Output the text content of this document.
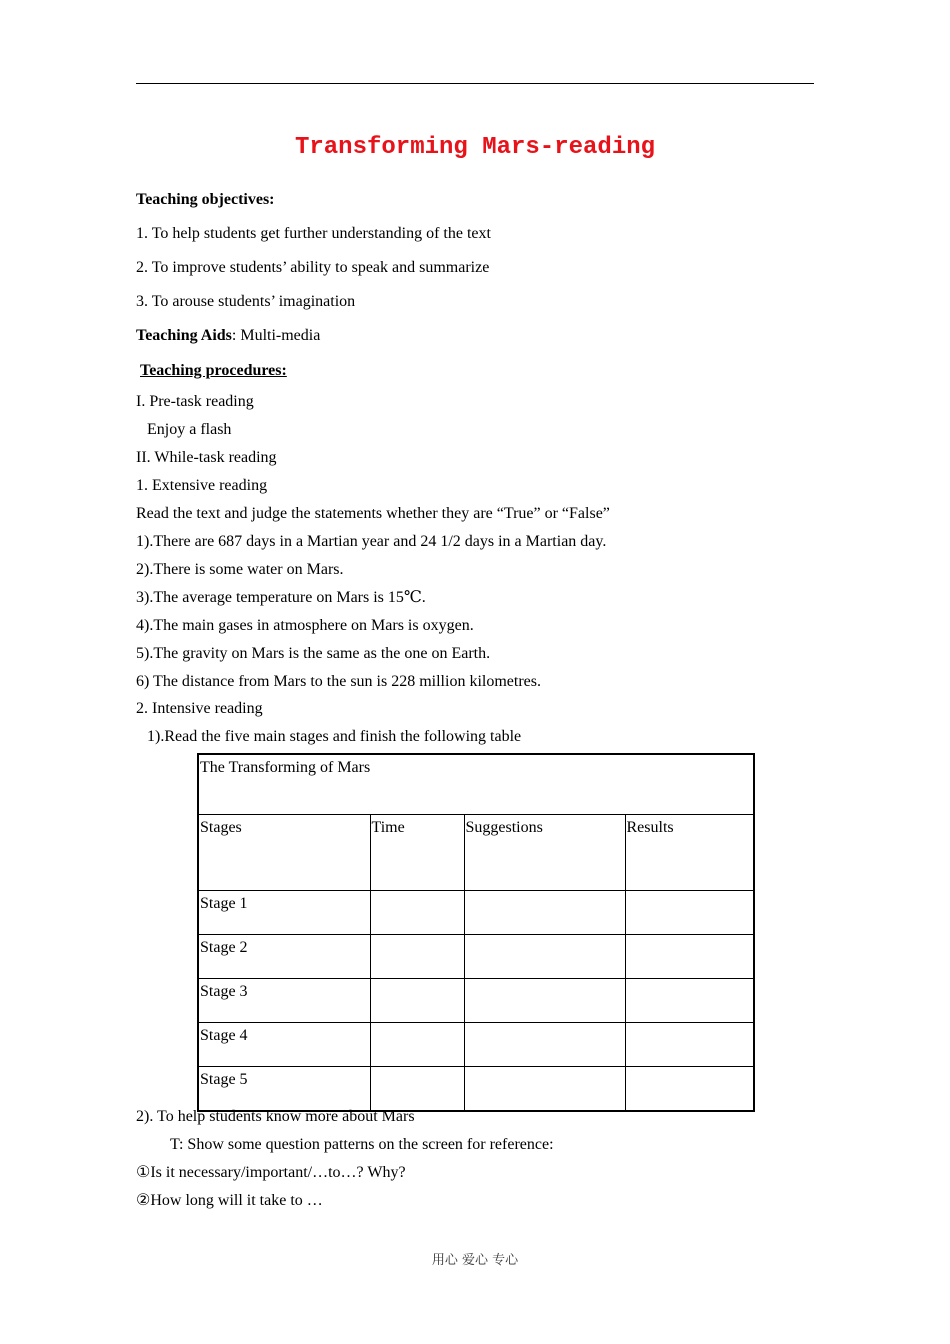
Transforming Mars-reading
Teaching objectives:
1. To help students get further understanding of the text
2. To improve students’ ability to speak and summarize
3. To arouse students’ imagination
Teaching Aids: Multi-media
Teaching procedures:
I. Pre-task reading
Enjoy a flash
II. While-task reading
1. Extensive reading
Read the text and judge the statements whether they are “True” or “False”
1).There are 687 days in a Martian year and 24 1/2 days in a Martian day.
2).There is some water on Mars.
3).The average temperature on Mars is 15℃.
4).The main gases in atmosphere on Mars is oxygen.
5).The gravity on Mars is the same as the one on Earth.
6) The distance from Mars to the sun is 228 million kilometres.
2. Intensive reading
1).Read the five main stages and finish the following table
The Transforming of Mars			
Stages	Time	Suggestions	Results
Stage 1			
Stage 2			
Stage 3			
Stage 4			
Stage 5			
2). To help students know more about Mars
T: Show some question patterns on the screen for reference:
①Is it necessary/important/…to…? Why?
②How long will it take to …
用心 爱心 专心
